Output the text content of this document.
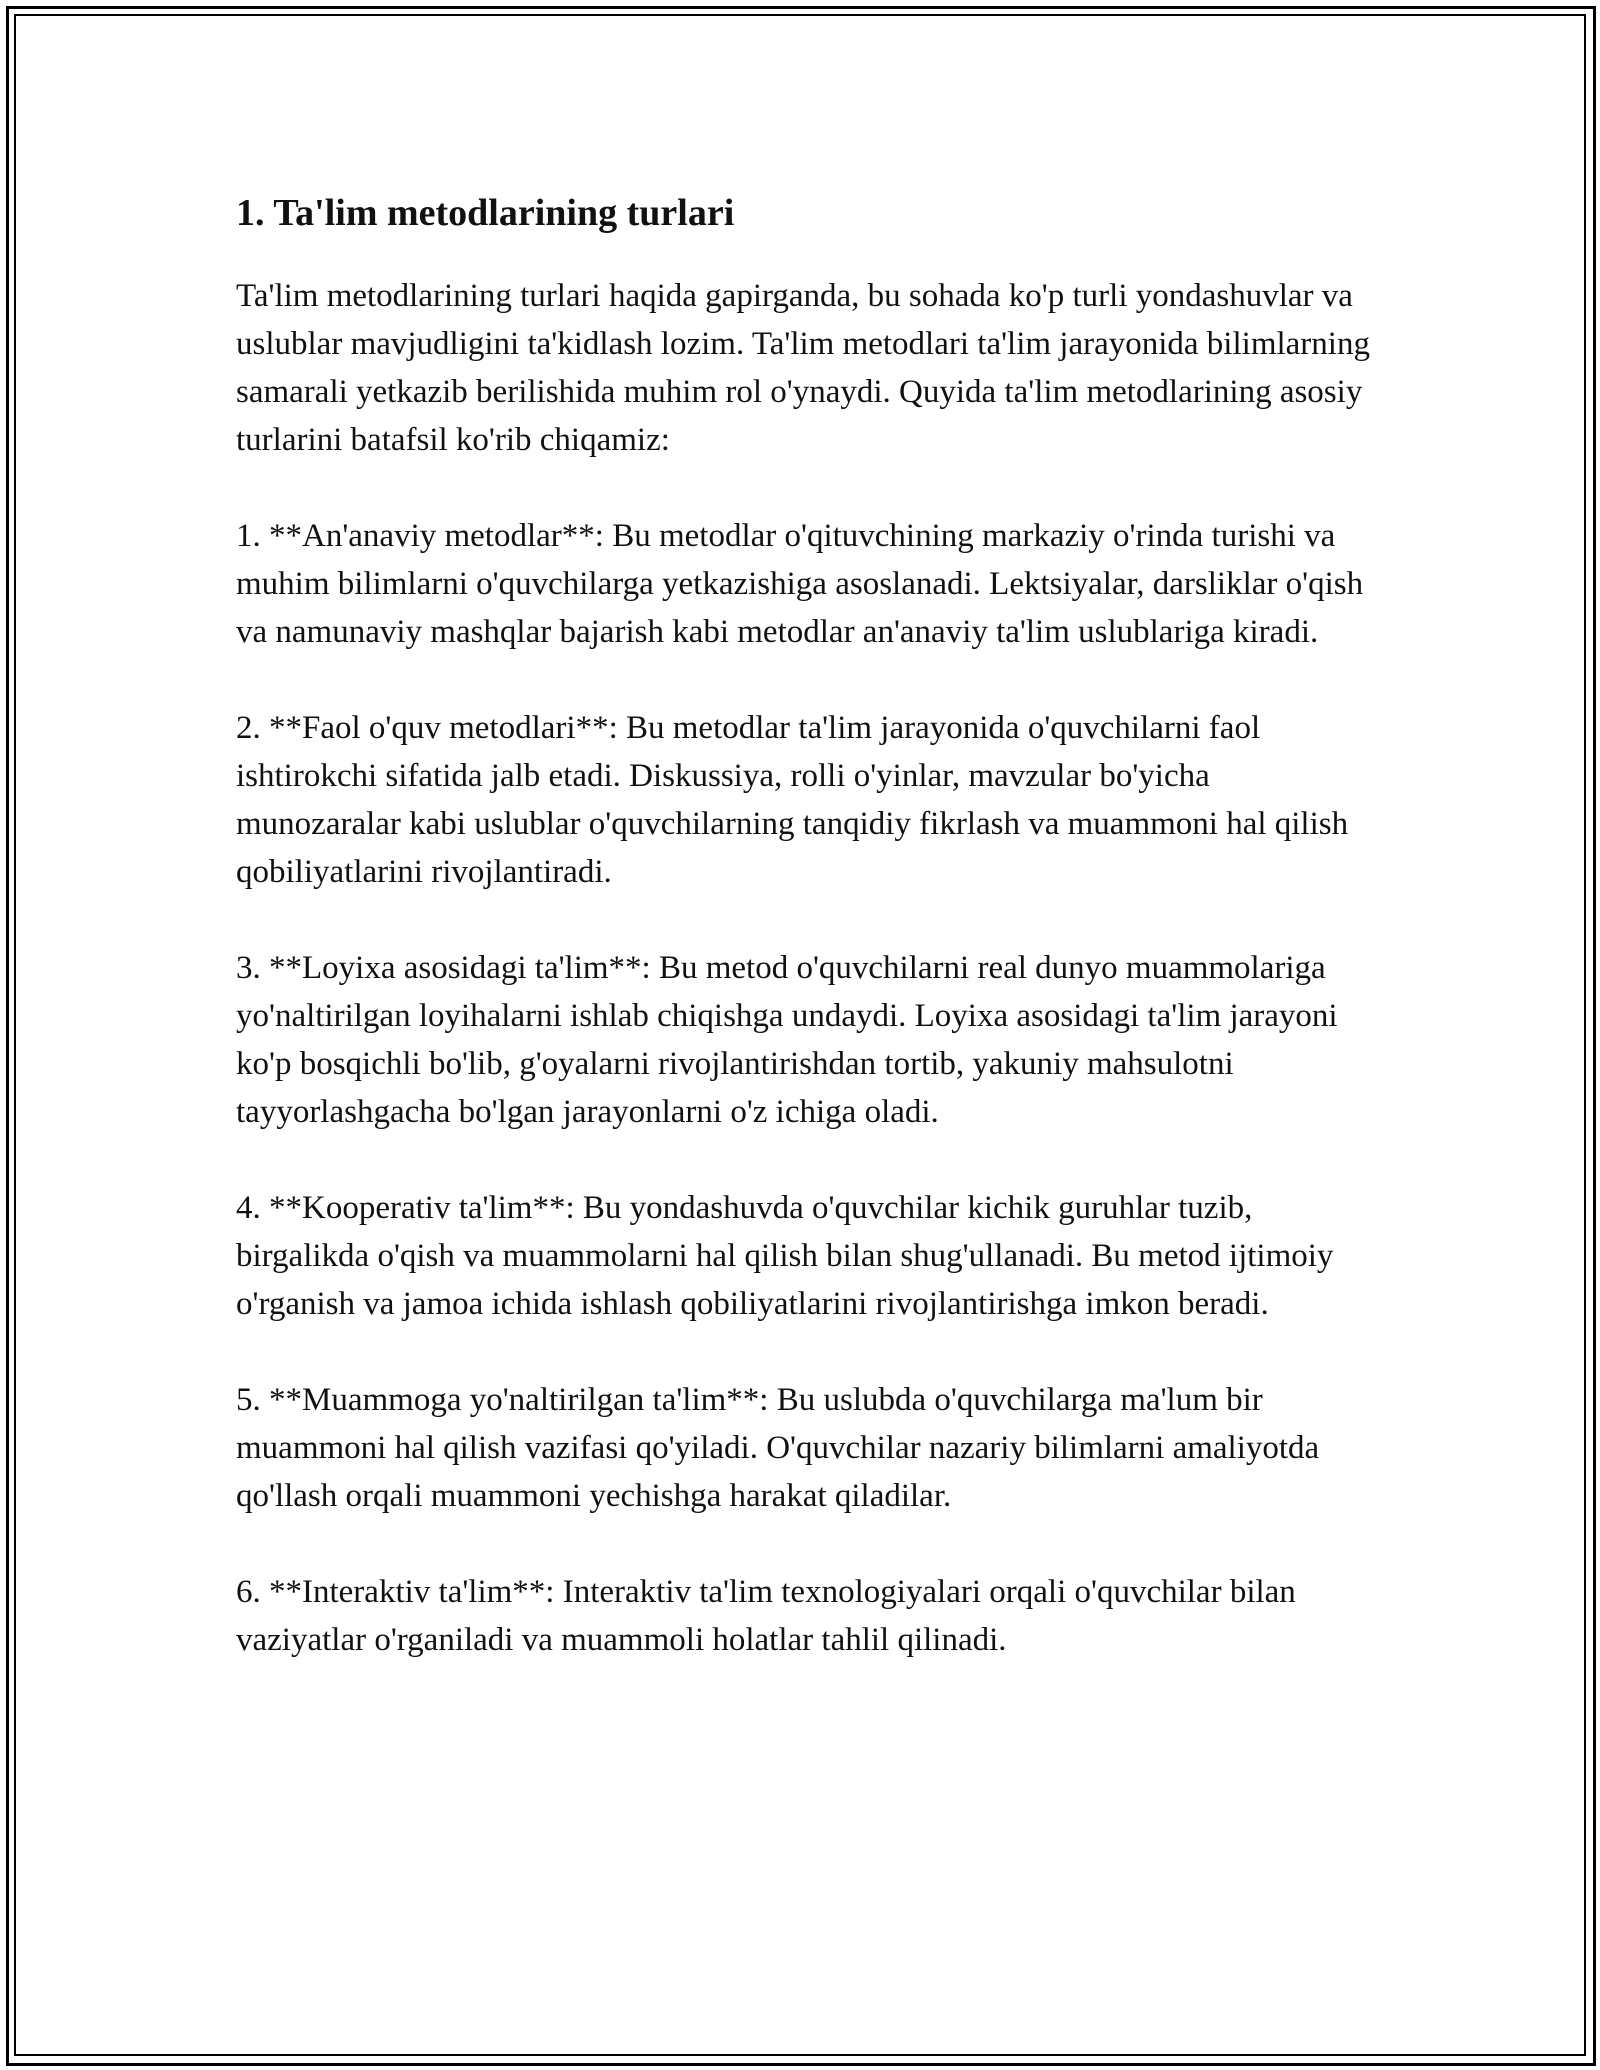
1. Ta'lim metodlarining turlari

Ta'lim metodlarining turlari haqida gapirganda, bu sohada ko'p turli yondashuvlar va uslublar mavjudligini ta'kidlash lozim. Ta'lim metodlari ta'lim jarayonida bilimlarning samarali yetkazib berilishida muhim rol o'ynaydi. Quyida ta'lim metodlarining asosiy turlarini batafsil ko'rib chiqamiz:

1. **An'anaviy metodlar**: Bu metodlar o'qituvchining markaziy o'rinda turishi va muhim bilimlarni o'quvchilarga yetkazishiga asoslanadi. Lektsiyalar, darsliklar o'qish va namunaviy mashqlar bajarish kabi metodlar an'anaviy ta'lim uslublariga kiradi.

2. **Faol o'quv metodlari**: Bu metodlar ta'lim jarayonida o'quvchilarni faol ishtirokchi sifatida jalb etadi. Diskussiya, rolli o'yinlar, mavzular bo'yicha munozaralar kabi uslublar o'quvchilarning tanqidiy fikrlash va muammoni hal qilish qobiliyatlarini rivojlantiradi.

3. **Loyixa asosidagi ta'lim**: Bu metod o'quvchilarni real dunyo muammolariga yo'naltirilgan loyihalarni ishlab chiqishga undaydi. Loyixa asosidagi ta'lim jarayoni ko'p bosqichli bo'lib, g'oyalarni rivojlantirishdan tortib, yakuniy mahsulotni tayyorlashgacha bo'lgan jarayonlarni o'z ichiga oladi.

4. **Kooperativ ta'lim**: Bu yondashuvda o'quvchilar kichik guruhlar tuzib, birgalikda o'qish va muammolarni hal qilish bilan shug'ullanadi. Bu metod ijtimoiy o'rganish va jamoa ichida ishlash qobiliyatlarini rivojlantirishga imkon beradi.

5. **Muammoga yo'naltirilgan ta'lim**: Bu uslubda o'quvchilarga ma'lum bir muammoni hal qilish vazifasi qo'yiladi. O'quvchilar nazariy bilimlarni amaliyotda qo'llash orqali muammoni yechishga harakat qiladilar.

6. **Interaktiv ta'lim**: Interaktiv ta'lim texnologiyalari orqali o'quvchilar bilan vaziyatlar o'rganiladi va muammoli holatlar tahlil qilinadi.
